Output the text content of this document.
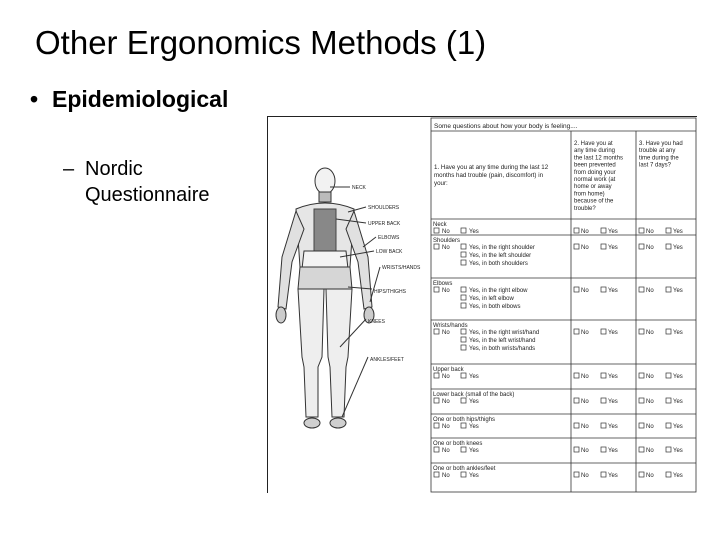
Other Ergonomics Methods (1)
• Epidemiological
– Nordic
Questionnaire	NECK
SHOULDERS
UPPER BACK
ELBOWS
LOW BACK
WRISTS/HANDS
HIPS/THIGHS
KNEES
ANKLES/FEET
Some questions about how your body is feeling....
1. Have you at any time during the last 12
months had trouble (pain, discomfort) in
your:
2. Have you at
any time during
the last 12 months
been prevented
from doing your
normal work (at
home or away
from home)
because of the
trouble?
3. Have you had
trouble at any
time during the
last 7 days?
Neck
No	Yes	No	Yes	No	Yes
Shoulders
No	Yes, in the right shoulder
Yes, in the left shoulder
Yes, in both shoulders
No	Yes	No	Yes
Elbows
No	Yes, in the right elbow
Yes, in left elbow
Yes, in both elbows
No	Yes	No	Yes
Wrists/hands
No	Yes, in the right wrist/hand
Yes, in the left wrist/hand
Yes, in both wrists/hands
No	Yes	No	Yes
Upper back
No	Yes	No	Yes	No	Yes
Lower back (small of the back)
No	Yes	No	Yes	No	Yes
One or both hips/thighs
No	Yes	No	Yes	No	Yes
One or both knees
No	Yes	No	Yes	No	Yes
One or both ankles/feet
No	Yes	No	Yes	No	Yes
